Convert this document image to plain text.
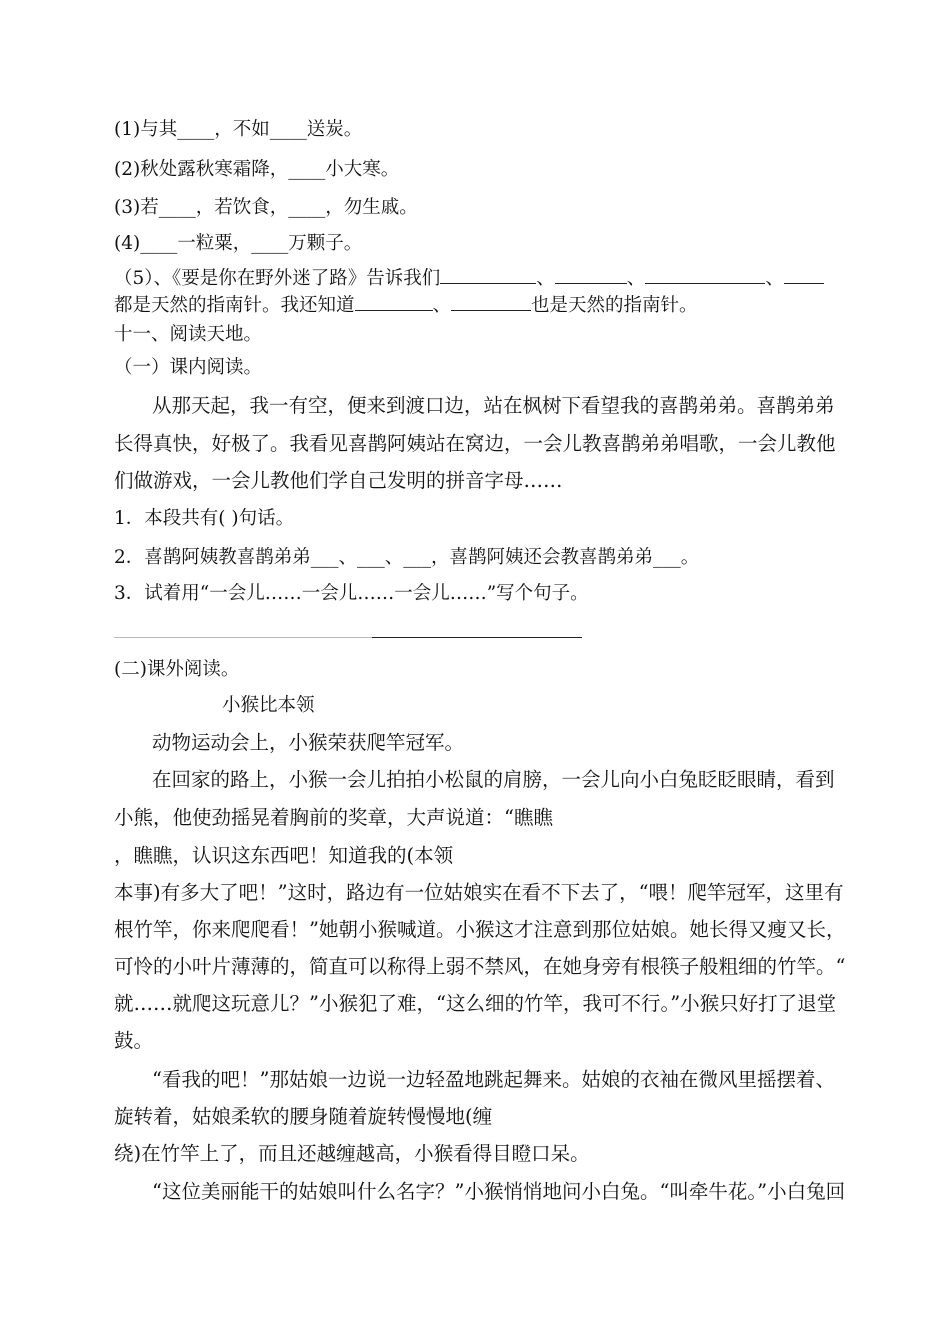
(1)与其____，不如____送炭。
(2)秋处露秋寒霜降，____小大寒。
(3)若____，若饮食，____，勿生戚。
(4)____一粒粟，____万颗子。
（5）、《要是你在野外迷了路》告诉我们	、	、	、
都是天然的指南针。我还知道	、	也是天然的指南针。
十一、阅读天地。
（一）课内阅读。
从那天起，我一有空，便来到渡口边，站在枫树下看望我的喜鹊弟弟。喜鹊弟弟
长得真快，好极了。我看见喜鹊阿姨站在窝边，一会儿教喜鹊弟弟唱歌，一会儿教他
们做游戏，一会儿教他们学自己发明的拼音字母……
1．本段共有( )句话。
2．喜鹊阿姨教喜鹊弟弟___、___、___，喜鹊阿姨还会教喜鹊弟弟___。
3．试着用“一会儿……一会儿……一会儿……”写个句子。
(二)课外阅读。
小猴比本领
动物运动会上，小猴荣获爬竿冠军。
在回家的路上，小猴一会儿拍拍小松鼠的肩膀，一会儿向小白兔眨眨眼睛，看到
小熊，他使劲摇晃着胸前的奖章，大声说道：“瞧瞧
，瞧瞧，认识这东西吧！知道我的(本领
本事)有多大了吧！”这时，路边有一位姑娘实在看不下去了，“喂！爬竿冠军，这里有
根竹竿，你来爬爬看！”她朝小猴喊道。小猴这才注意到那位姑娘。她长得又瘦又长，
可怜的小叶片薄薄的，简直可以称得上弱不禁风，在她身旁有根筷子般粗细的竹竿。“
就……就爬这玩意儿？”小猴犯了难，“这么细的竹竿，我可不行。”小猴只好打了退堂
鼓。
“看我的吧！”那姑娘一边说一边轻盈地跳起舞来。姑娘的衣袖在微风里摇摆着、
旋转着，姑娘柔软的腰身随着旋转慢慢地(缠
绕)在竹竿上了，而且还越缠越高，小猴看得目瞪口呆。
“这位美丽能干的姑娘叫什么名字？”小猴悄悄地问小白兔。“叫牵牛花。”小白兔回
